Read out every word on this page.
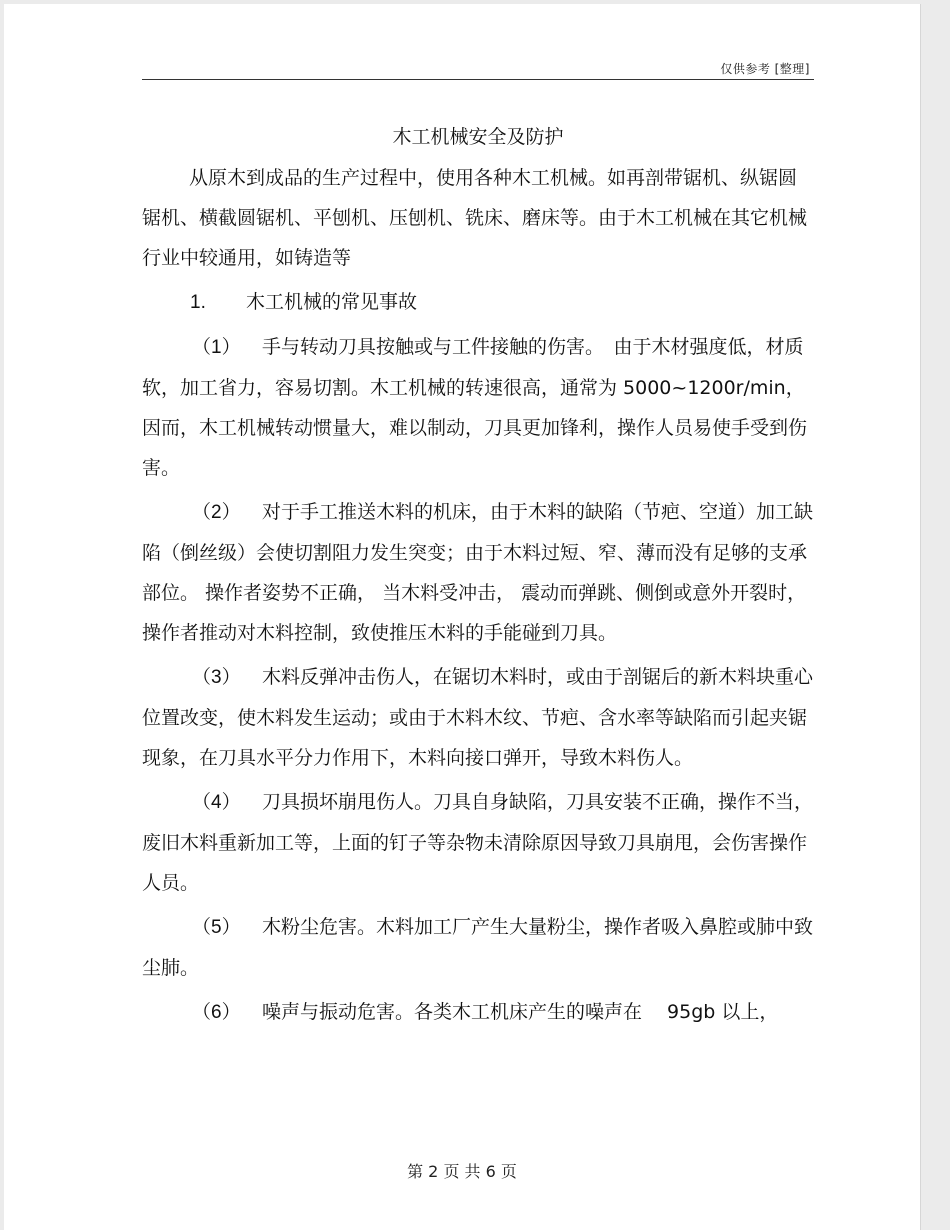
仅供参考 [整理]
木工机械安全及防护

从原木到成品的生产过程中，使用各种木工机械。如再剖带锯机、纵锯圆锯机、横截圆锯机、平刨机、压刨机、铣床、磨床等。由于木工机械在其它机械行业中较通用，如铸造等

1.	木工机械的常见事故

（1） 手与转动刀具按触或与工件接触的伤害。　由于木材强度低，材质软，加工省力，容易切割。木工机械的转速很高，通常为 5000~1200r/min，因而，木工机械转动惯量大，难以制动，刀具更加锋利，操作人员易使手受到伤害。

（2） 对于手工推送木料的机床，由于木料的缺陷（节疤、空道）加工缺陷（倒丝级）会使切割阻力发生突变；由于木料过短、窄、薄而没有足够的支承部位。 操作者姿势不正确， 当木料受冲击， 震动而弹跳、侧倒或意外开裂时，操作者推动对木料控制，致使推压木料的手能碰到刀具。

（3） 木料反弹冲击伤人，在锯切木料时，或由于剖锯后的新木料块重心位置改变，使木料发生运动；或由于木料木纹、节疤、含水率等缺陷而引起夹锯现象，在刀具水平分力作用下，木料向接口弹开，导致木料伤人。

（4） 刀具损坏崩甩伤人。刀具自身缺陷，刀具安装不正确，操作不当，废旧木料重新加工等，上面的钉子等杂物未清除原因导致刀具崩甩，会伤害操作人员。

（5） 木粉尘危害。木料加工厂产生大量粉尘，操作者吸入鼻腔或肺中致尘肺。

（6） 噪声与振动危害。各类木工机床产生的噪声在　 95gb 以上，

第 2 页 共 6 页
